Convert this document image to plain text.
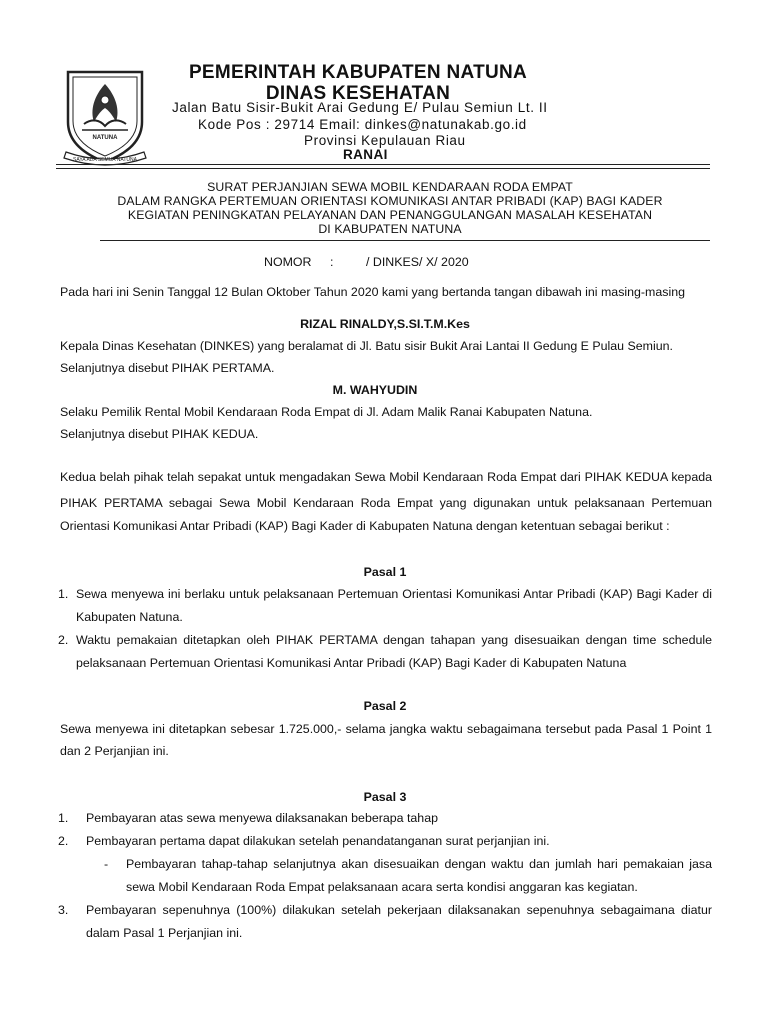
NATUNA
SAYA ADA SEMUA NATUNA
PEMERINTAH KABUPATEN NATUNA
DINAS KESEHATAN
Jalan Batu Sisir-Bukit Arai Gedung E/ Pulau Semiun Lt. II
Kode Pos : 29714 Email: dinkes@natunakab.go.id
Provinsi Kepulauan Riau
RANAI
SURAT PERJANJIAN SEWA MOBIL KENDARAAN RODA EMPAT
DALAM RANGKA PERTEMUAN ORIENTASI KOMUNIKASI ANTAR PRIBADI (KAP) BAGI KADER
KEGIATAN PENINGKATAN PELAYANAN DAN PENANGGULANGAN MASALAH KESEHATAN
DI KABUPATEN NATUNA
NOMOR :	/ DINKES/ X/ 2020
Pada hari ini Senin Tanggal 12 Bulan Oktober Tahun 2020 kami yang bertanda tangan dibawah ini masing-masing
RIZAL RINALDY,S.SI.T.M.Kes
Kepala Dinas Kesehatan (DINKES) yang beralamat di Jl. Batu sisir Bukit Arai Lantai II Gedung E Pulau Semiun.
Selanjutnya disebut PIHAK PERTAMA.
M. WAHYUDIN
Selaku Pemilik Rental Mobil Kendaraan Roda Empat di Jl. Adam Malik Ranai Kabupaten Natuna.
Selanjutnya disebut PIHAK KEDUA.
Kedua belah pihak telah sepakat untuk mengadakan Sewa Mobil Kendaraan Roda Empat dari PIHAK KEDUA kepada
PIHAK PERTAMA sebagai Sewa Mobil Kendaraan Roda Empat yang digunakan untuk pelaksanaan Pertemuan
Orientasi Komunikasi Antar Pribadi (KAP) Bagi Kader di Kabupaten Natuna dengan ketentuan sebagai berikut :
Pasal 1
1. Sewa menyewa ini berlaku untuk pelaksanaan Pertemuan Orientasi Komunikasi Antar Pribadi (KAP) Bagi Kader di
Kabupaten Natuna.
2. Waktu pemakaian ditetapkan oleh PIHAK PERTAMA dengan tahapan yang disesuaikan dengan time schedule
pelaksanaan Pertemuan Orientasi Komunikasi Antar Pribadi (KAP) Bagi Kader di Kabupaten Natuna
Pasal 2
Sewa menyewa ini ditetapkan sebesar 1.725.000,- selama jangka waktu sebagaimana tersebut pada Pasal 1 Point 1
dan 2 Perjanjian ini.
Pasal 3
1.	Pembayaran atas sewa menyewa dilaksanakan beberapa tahap
2.	Pembayaran pertama dapat dilakukan setelah penandatanganan surat perjanjian ini.
- Pembayaran tahap-tahap selanjutnya akan disesuaikan dengan waktu dan jumlah hari pemakaian jasa
sewa Mobil Kendaraan Roda Empat pelaksanaan acara serta kondisi anggaran kas kegiatan.
3.	Pembayaran sepenuhnya (100%) dilakukan setelah pekerjaan dilaksanakan sepenuhnya sebagaimana diatur
dalam Pasal 1 Perjanjian ini.
